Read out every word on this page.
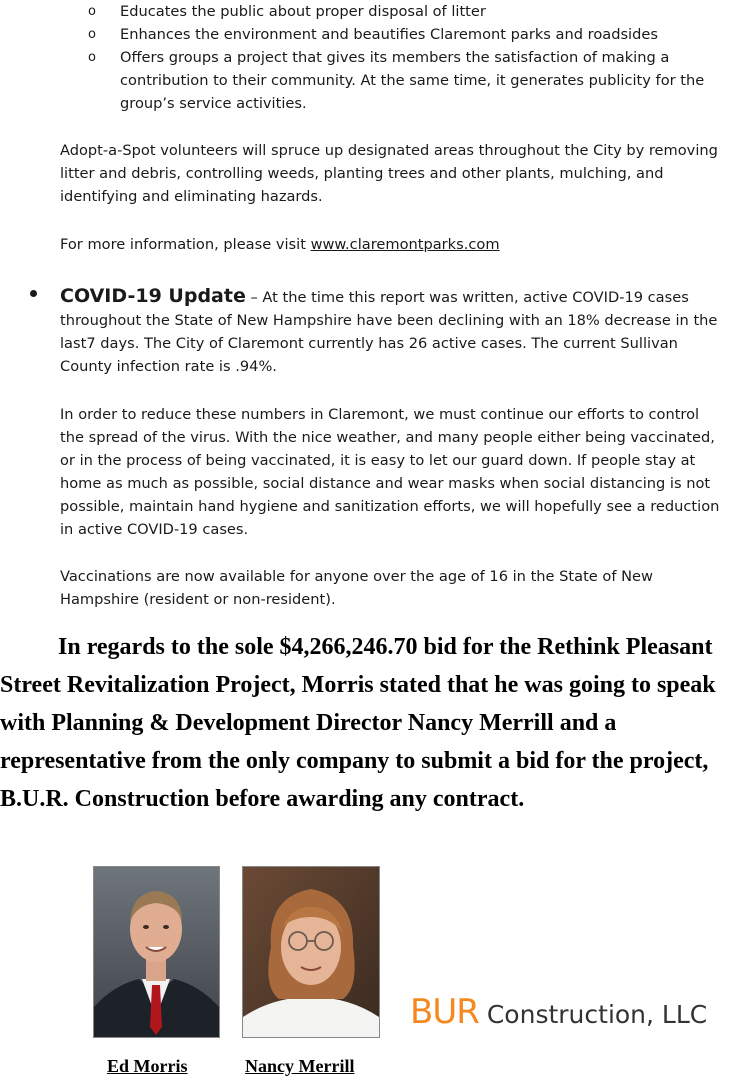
o Educates the public about proper disposal of litter
o Enhances the environment and beautifies Claremont parks and roadsides
o Offers groups a project that gives its members the satisfaction of making a contribution to their community. At the same time, it generates publicity for the group’s service activities.
Adopt-a-Spot volunteers will spruce up designated areas throughout the City by removing litter and debris, controlling weeds, planting trees and other plants, mulching, and identifying and eliminating hazards.
For more information, please visit www.claremontparks.com
COVID-19 Update – At the time this report was written, active COVID-19 cases throughout the State of New Hampshire have been declining with an 18% decrease in the last7 days. The City of Claremont currently has 26 active cases. The current Sullivan County infection rate is .94%.
In order to reduce these numbers in Claremont, we must continue our efforts to control the spread of the virus. With the nice weather, and many people either being vaccinated, or in the process of being vaccinated, it is easy to let our guard down. If people stay at home as much as possible, social distance and wear masks when social distancing is not possible, maintain hand hygiene and sanitization efforts, we will hopefully see a reduction in active COVID-19 cases.
Vaccinations are now available for anyone over the age of 16 in the State of New Hampshire (resident or non-resident).

In regards to the sole $4,266,246.70 bid for the Rethink Pleasant Street Revitalization Project, Morris stated that he was going to speak with Planning & Development Director Nancy Merrill and a representative from the only company to submit a bid for the project, B.U.R. Construction before awarding any contract.

BUR Construction, LLC
Ed Morris	Nancy Merrill
